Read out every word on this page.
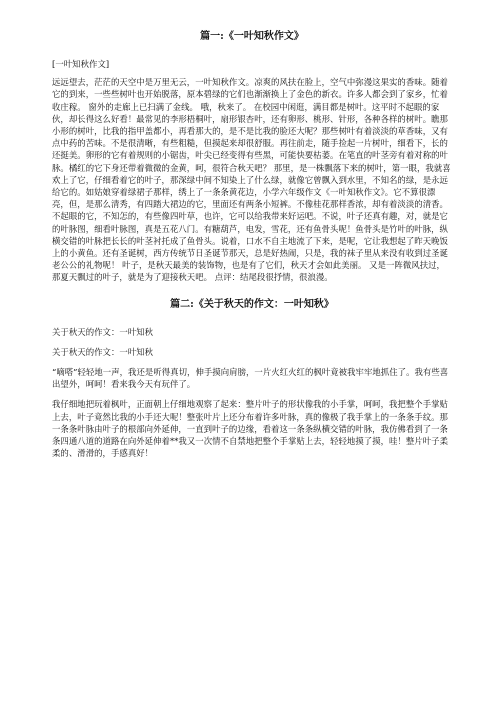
篇一:《一叶知秋作文》
[一叶知秋作文]
远远望去，茫茫的天空中是万里无云，一叶知秋作文。凉爽的风扶在脸上，空气中弥漫这果实的香味。随着它的到来，一些些树叶也开始脱落，原本碧绿的它们也渐渐换上了金色的新衣。许多人都会到了家乡，忙着收庄稼。 窗外的走廊上已扫满了金线。 哦，秋来了。 在校园中闲逛，满目都是树叶。这平时不起眼的家伙，却长得这么好看！最常见的李形梧桐叶，扇形银杏叶，还有卵形、桃形、针形，各种各样的树叶。瞧那小形的树叶，比我的指甲盖都小，再看那大的，是不是比我的脸还大呢？那些树叶有着淡淡的草香味，又有点中药的苦味。不是很清晰，有些粗糙，但摸起来却很舒服。再往前走，随手捡起一片树叶，细看下，长的还挺美。卵形的它有着规则的小锯齿，叶尖已经变得有些黑，可能快要枯萎。在笔直的叶茎旁有着对称的叶脉。橘红的它下身还带着微微的金黄，呵，很符合秋天吧？ 那里，是一株飘落下来的树叶，第一眼，我就喜欢上了它，仔细看着它的叶子，那深绿中间不知染上了什么绿，就像它曾飘入到水里，不知名的绿，是永远给它的。如姑娘穿着绿裙子那样，绣上了一条条黄花边，小学六年级作文《一叶知秋作文》。它不算很漂亮，但，是那么清秀，有四踏大裙边的它，里面还有两条小短裤。不像桂花那样香浓，却有着淡淡的清香。不起眼的它，不知怎的，有些像四叶草，也许，它可以给我带来好运吧。不说，叶子还真有趣，对，就是它的叶脉图，细看叶脉图，真是五花八门。有糖葫芦，电发，雪花，还有鱼骨头呢！鱼骨头是竹叶的叶脉，纵横交错的叶脉把长长的叶茎衬托成了鱼骨头。说着，口水不自主地流了下来，是呢，它让我想起了昨天晚饭上的小黄鱼。还有圣诞树，西方传统节日圣诞节那天，总是好热闹，只是，我的袜子里从来没有收到过圣诞老公公的礼物呢！ 叶子，是秋天最美的装饰物，也是有了它们，秋天才会如此美丽。 又是一阵微风扶过，那夏天飘过的叶子，就是为了迎接秋天吧。 点评：结尾段很抒情，很浪漫。
篇二:《关于秋天的作文：一叶知秋》
关于秋天的作文：一叶知秋
关于秋天的作文：一叶知秋
“嘀嗒”轻轻地一声，我还是听得真切，伸手摸向肩膀，一片火红火红的枫叶竟被我牢牢地抓住了。我有些喜出望外，呵呵！看来我今天有玩伴了。
我仔细地把玩着枫叶，正面朝上仔细地观察了起来：整片叶子的形状像我的小手掌，呵呵，我把整个手掌贴上去，叶子竟然比我的小手还大呢！整张叶片上还分布着许多叶脉，真的像极了我手掌上的一条条手纹。那一条条叶脉由叶子的根部向外延伸，一直到叶子的边缘，看着这一条条纵横交错的叶脉，我仿佛看到了一条条四通八道的道路在向外延伸着**我又一次情不自禁地把整个手掌贴上去，轻轻地摸了摸，哇！整片叶子柔柔的、滑滑的，手感真好！
